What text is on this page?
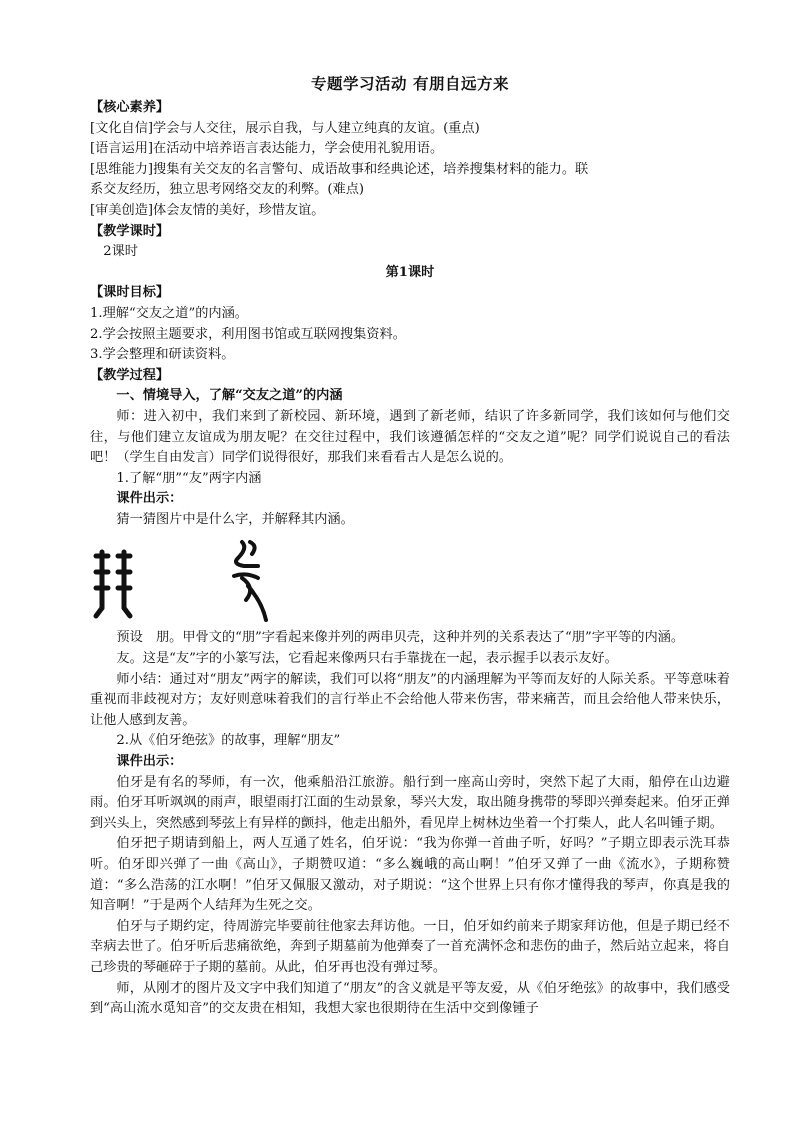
专题学习活动 有朋自远方来

【核心素养】

[文化自信]学会与人交往，展示自我，与人建立纯真的友谊。(重点)

[语言运用]在活动中培养语言表达能力，学会使用礼貌用语。

[思维能力]搜集有关交友的名言警句、成语故事和经典论述，培养搜集材料的能力。联

系交友经历，独立思考网络交友的利弊。(难点)

[审美创造]体会友情的美好，珍惜友谊。

【教学课时】

2课时

第1课时

【课时目标】

1.理解“交友之道”的内涵。

2.学会按照主题要求，利用图书馆或互联网搜集资料。

3.学会整理和研读资料。

【教学过程】

一、情境导入，了解“交友之道”的内涵

师：进入初中，我们来到了新校园、新环境，遇到了新老师，结识了许多新同学，我们该如何与他们交往，与他们建立友谊成为朋友呢？在交往过程中，我们该遵循怎样的“交友之道”呢？同学们说说自己的看法吧！（学生自由发言）同学们说得很好，那我们来看看古人是怎么说的。

1.了解“朋”“友”两字内涵

课件出示：

猜一猜图片中是什么字，并解释其内涵。

预设　朋。甲骨文的“朋”字看起来像并列的两串贝壳，这种并列的关系表达了“朋”字平等的内涵。

友。这是“友”字的小篆写法，它看起来像两只右手靠拢在一起，表示握手以表示友好。

师小结：通过对“朋友”两字的解读，我们可以将“朋友”的内涵理解为平等而友好的人际关系。平等意味着重视而非歧视对方；友好则意味着我们的言行举止不会给他人带来伤害，带来痛苦，而且会给他人带来快乐，让他人感到友善。

2.从《伯牙绝弦》的故事，理解“朋友”

课件出示：

伯牙是有名的琴师，有一次，他乘船沿江旅游。船行到一座高山旁时，突然下起了大雨，船停在山边避雨。伯牙耳听飒飒的雨声，眼望雨打江面的生动景象，琴兴大发，取出随身携带的琴即兴弹奏起来。伯牙正弹到兴头上，突然感到琴弦上有异样的颤抖，他走出船外，看见岸上树林边坐着一个打柴人，此人名叫锺子期。

伯牙把子期请到船上，两人互通了姓名，伯牙说：“我为你弹一首曲子听，好吗？”子期立即表示洗耳恭听。伯牙即兴弹了一曲《高山》，子期赞叹道：“多么巍峨的高山啊！”伯牙又弹了一曲《流水》，子期称赞道：“多么浩荡的江水啊！”伯牙又佩服又激动，对子期说：“这个世界上只有你才懂得我的琴声，你真是我的知音啊！”于是两个人结拜为生死之交。

伯牙与子期约定，待周游完毕要前往他家去拜访他。一日，伯牙如约前来子期家拜访他，但是子期已经不幸病去世了。伯牙听后悲痛欲绝，奔到子期墓前为他弹奏了一首充满怀念和悲伤的曲子，然后站立起来，将自己珍贵的琴砸碎于子期的墓前。从此，伯牙再也没有弹过琴。

师，从刚才的图片及文字中我们知道了“朋友”的含义就是平等友爱，从《伯牙绝弦》的故事中，我们感受到“高山流水觅知音”的交友贵在相知，我想大家也很期待在生活中交到像锺子
